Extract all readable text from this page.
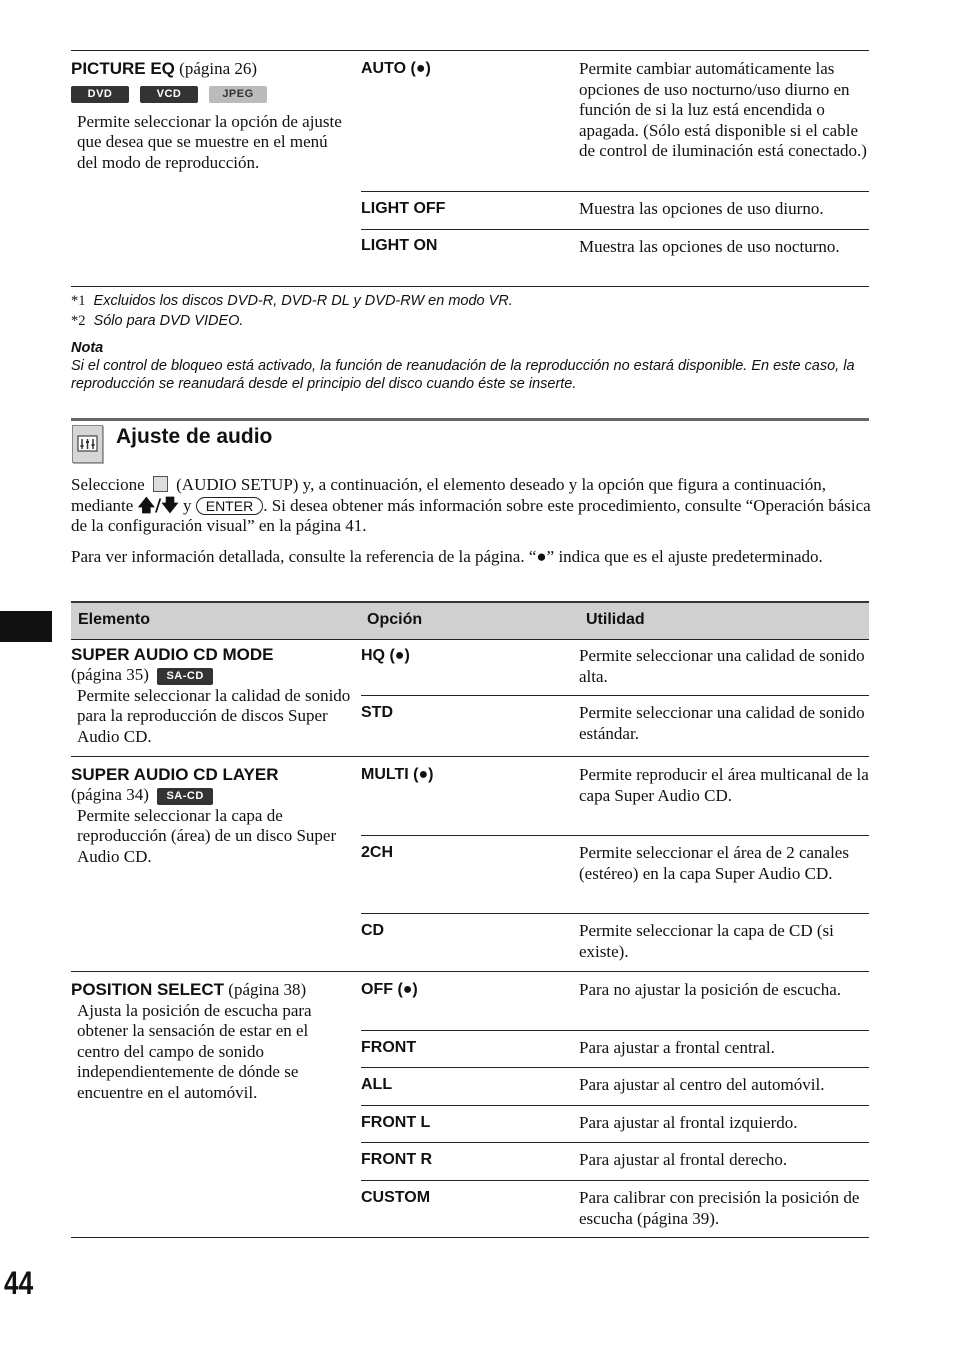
PICTURE EQ (página 26)
DVD	VCD	JPEG
Permite seleccionar la opción de ajuste que desea que se muestre en el menú del modo de reproducción.
AUTO (●)	Permite cambiar automáticamente las opciones de uso nocturno/uso diurno en función de si la luz está encendida o apagada. (Sólo está disponible si el cable de control de iluminación está conectado.)
LIGHT OFF	Muestra las opciones de uso diurno.
LIGHT ON	Muestra las opciones de uso nocturno.
*1 Excluidos los discos DVD-R, DVD-R DL y DVD-RW en modo VR.
*2 Sólo para DVD VIDEO.
Nota
Si el control de bloqueo está activado, la función de reanudación de la reproducción no estará disponible. En este caso, la reproducción se reanudará desde el principio del disco cuando éste se inserte.
Ajuste de audio
Seleccione (AUDIO SETUP) y, a continuación, el elemento deseado y la opción que figura a continuación, mediante 🡅/🡇 y ENTER . Si desea obtener más información sobre este procedimiento, consulte “Operación básica de la configuración visual” en la página 41.
Para ver información detallada, consulte la referencia de la página. “●” indica que es el ajuste predeterminado.
Elemento	Opción	Utilidad
SUPER AUDIO CD MODE
(página 35) SA-CD
Permite seleccionar la calidad de sonido para la reproducción de discos Super Audio CD.
HQ (●)	Permite seleccionar una calidad de sonido alta.
STD	Permite seleccionar una calidad de sonido estándar.
SUPER AUDIO CD LAYER
(página 34) SA-CD
Permite seleccionar la capa de reproducción (área) de un disco Super Audio CD.
MULTI (●)	Permite reproducir el área multicanal de la capa Super Audio CD.
2CH	Permite seleccionar el área de 2 canales (estéreo) en la capa Super Audio CD.
CD	Permite seleccionar la capa de CD (si existe).
POSITION SELECT (página 38)
Ajusta la posición de escucha para obtener la sensación de estar en el centro del campo de sonido independientemente de dónde se encuentre en el automóvil.
OFF (●)	Para no ajustar la posición de escucha.
FRONT	Para ajustar a frontal central.
ALL	Para ajustar al centro del automóvil.
FRONT L	Para ajustar al frontal izquierdo.
FRONT R	Para ajustar al frontal derecho.
CUSTOM	Para calibrar con precisión la posición de escucha (página 39).
44
